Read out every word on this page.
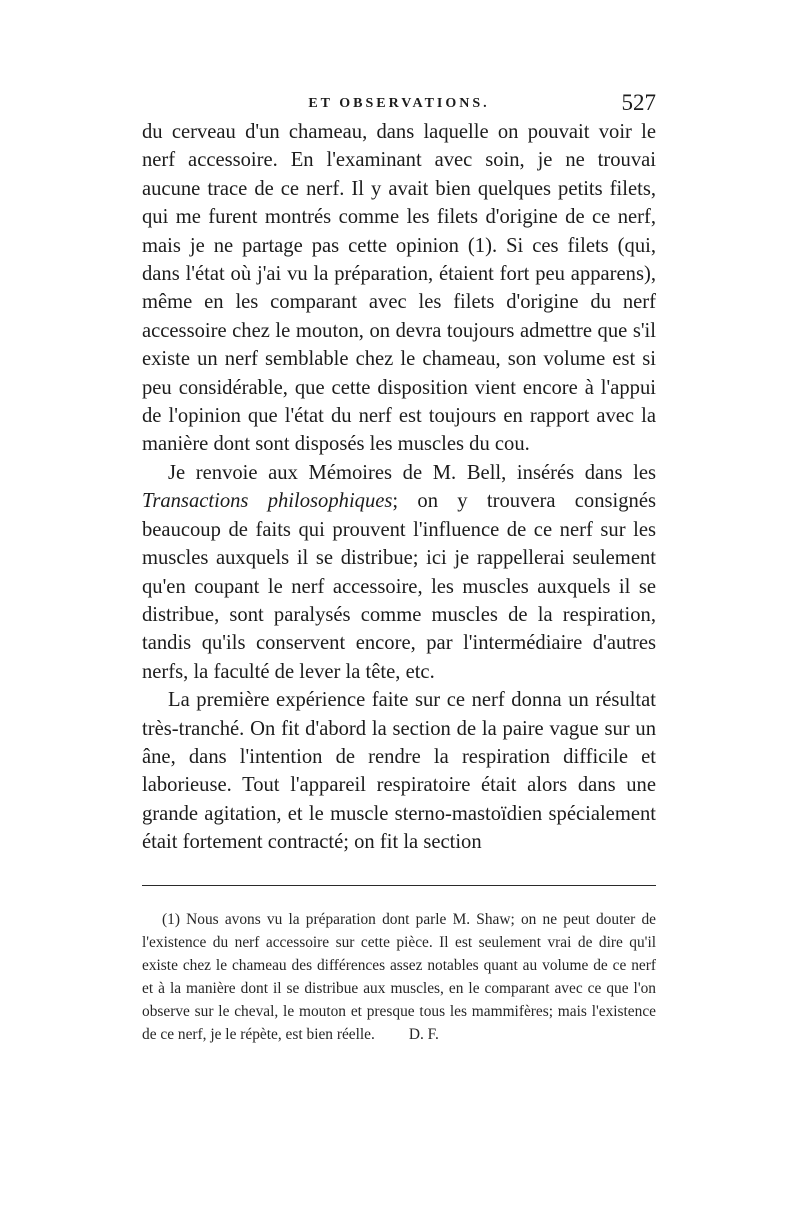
ET OBSERVATIONS.	527

du cerveau d'un chameau, dans laquelle on pouvait voir le nerf accessoire. En l'examinant avec soin, je ne trouvai aucune trace de ce nerf. Il y avait bien quelques petits filets, qui me furent montrés comme les filets d'origine de ce nerf, mais je ne partage pas cette opinion (1). Si ces filets (qui, dans l'état où j'ai vu la préparation, étaient fort peu apparens), même en les comparant avec les filets d'origine du nerf accessoire chez le mouton, on devra toujours admettre que s'il existe un nerf semblable chez le chameau, son volume est si peu considérable, que cette disposition vient encore à l'appui de l'opinion que l'état du nerf est toujours en rapport avec la manière dont sont disposés les muscles du cou.

Je renvoie aux Mémoires de M. Bell, insérés dans les Transactions philosophiques; on y trouvera consignés beaucoup de faits qui prouvent l'influence de ce nerf sur les muscles auxquels il se distribue; ici je rappellerai seulement qu'en coupant le nerf accessoire, les muscles auxquels il se distribue, sont paralysés comme muscles de la respiration, tandis qu'ils conservent encore, par l'intermédiaire d'autres nerfs, la faculté de lever la tête, etc.

La première expérience faite sur ce nerf donna un résultat très-tranché. On fit d'abord la section de la paire vague sur un âne, dans l'intention de rendre la respiration difficile et laborieuse. Tout l'appareil respiratoire était alors dans une grande agitation, et le muscle sterno-mastoïdien spécialement était fortement contracté; on fit la section

(1) Nous avons vu la préparation dont parle M. Shaw; on ne peut douter de l'existence du nerf accessoire sur cette pièce. Il est seulement vrai de dire qu'il existe chez le chameau des différences assez notables quant au volume de ce nerf et à la manière dont il se distribue aux muscles, en le comparant avec ce que l'on observe sur le cheval, le mouton et presque tous les mammifères; mais l'existence de ce nerf, je le répète, est bien réelle. D. F.
